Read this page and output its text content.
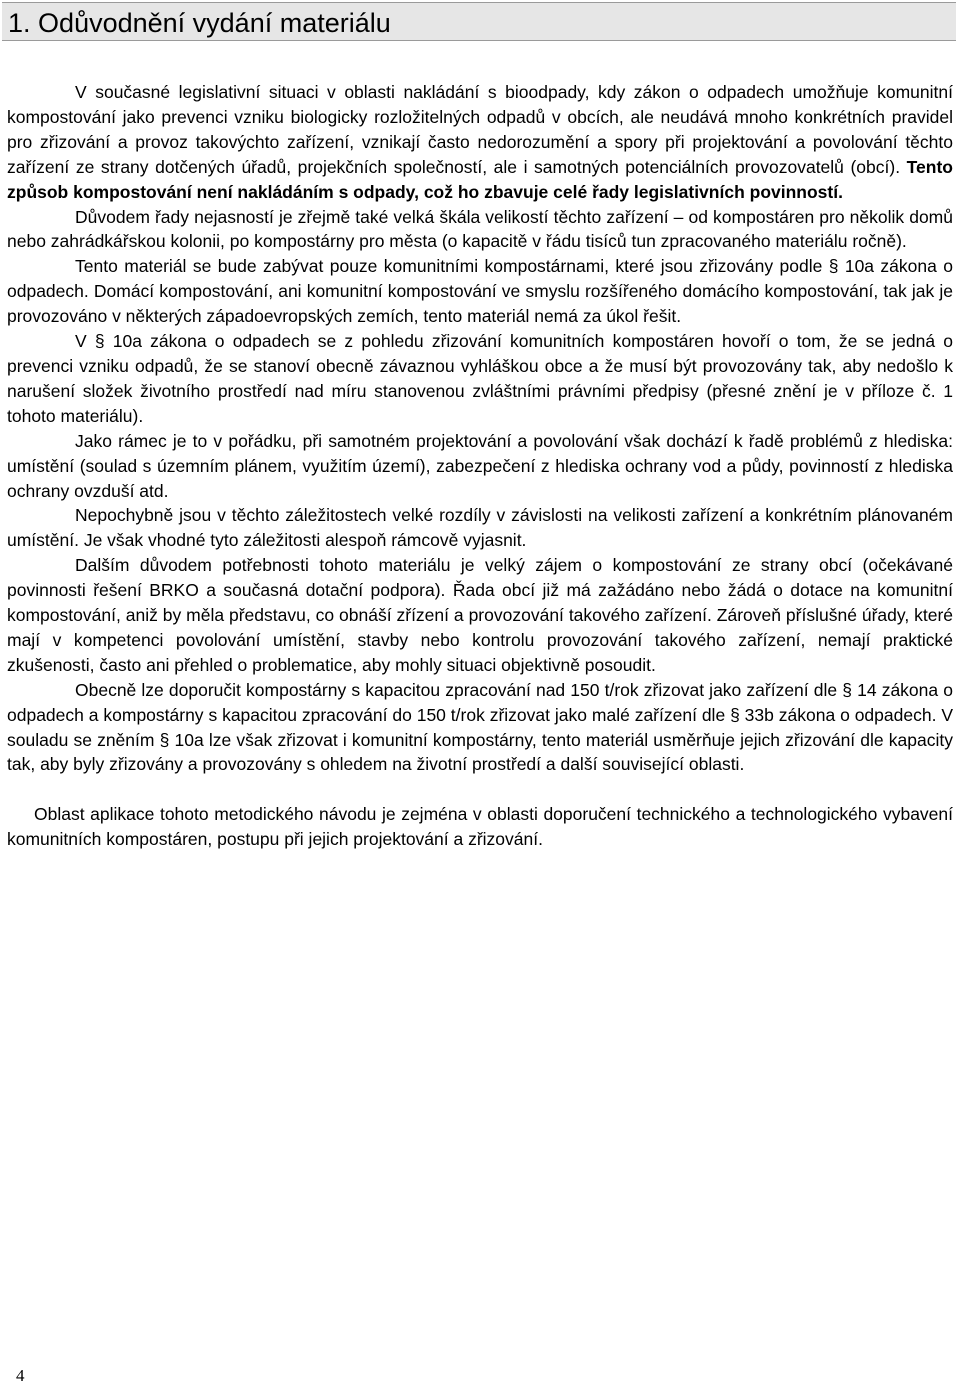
1. Odůvodnění vydání materiálu

V současné legislativní situaci v oblasti nakládání s bioodpady, kdy zákon o odpadech umožňuje komunitní kompostování jako prevenci vzniku biologicky rozložitelných odpadů v obcích, ale neudává mnoho konkrétních pravidel pro zřizování a provoz takovýchto zařízení, vznikají často nedorozumění a spory při projektování a povolování těchto zařízení ze strany dotčených úřadů, projekčních společností, ale i samotných potenciálních provozovatelů (obcí). Tento způsob kompostování není nakládáním s odpady, což ho zbavuje celé řady legislativních povinností.

Důvodem řady nejasností je zřejmě také velká škála velikostí těchto zařízení – od kompostáren pro několik domů nebo zahrádkářskou kolonii, po kompostárny pro města (o kapacitě v řádu tisíců tun zpracovaného materiálu ročně).

Tento materiál se bude zabývat pouze komunitními kompostárnami, které jsou zřizovány podle § 10a zákona o odpadech. Domácí kompostování, ani komunitní kompostování ve smyslu rozšířeného domácího kompostování, tak jak je provozováno v některých západoevropských zemích, tento materiál nemá za úkol řešit.

V § 10a zákona o odpadech se z pohledu zřizování komunitních kompostáren hovoří o tom, že se jedná o prevenci vzniku odpadů, že se stanoví obecně závaznou vyhláškou obce a že musí být provozovány tak, aby nedošlo k narušení složek životního prostředí nad míru stanovenou zvláštními právními předpisy (přesné znění je v příloze č. 1 tohoto materiálu).

Jako rámec je to v pořádku, při samotném projektování a povolování však dochází k řadě problémů z hlediska: umístění (soulad s územním plánem, využitím území), zabezpečení z hlediska ochrany vod a půdy, povinností z hlediska ochrany ovzduší atd.

Nepochybně jsou v těchto záležitostech velké rozdíly v závislosti na velikosti zařízení a konkrétním plánovaném umístění. Je však vhodné tyto záležitosti alespoň rámcově vyjasnit.

Dalším důvodem potřebnosti tohoto materiálu je velký zájem o kompostování ze strany obcí (očekávané povinnosti řešení BRKO a současná dotační podpora). Řada obcí již má zažádáno nebo žádá o dotace na komunitní kompostování, aniž by měla představu, co obnáší zřízení a provozování takového zařízení. Zároveň příslušné úřady, které mají v kompetenci povolování umístění, stavby nebo kontrolu provozování takového zařízení, nemají praktické zkušenosti, často ani přehled o problematice, aby mohly situaci objektivně posoudit.

Obecně lze doporučit kompostárny s kapacitou zpracování nad 150 t/rok zřizovat jako zařízení dle § 14 zákona o odpadech a kompostárny s kapacitou zpracování do 150 t/rok zřizovat jako malé zařízení dle § 33b zákona o odpadech. V souladu se zněním § 10a lze však zřizovat i komunitní kompostárny, tento materiál usměrňuje jejich zřizování dle kapacity tak, aby byly zřizovány a provozovány s ohledem na životní prostředí a další související oblasti.

Oblast aplikace tohoto metodického návodu je zejména v oblasti doporučení technického a technologického vybavení komunitních kompostáren, postupu při jejich projektování a zřizování.

4
